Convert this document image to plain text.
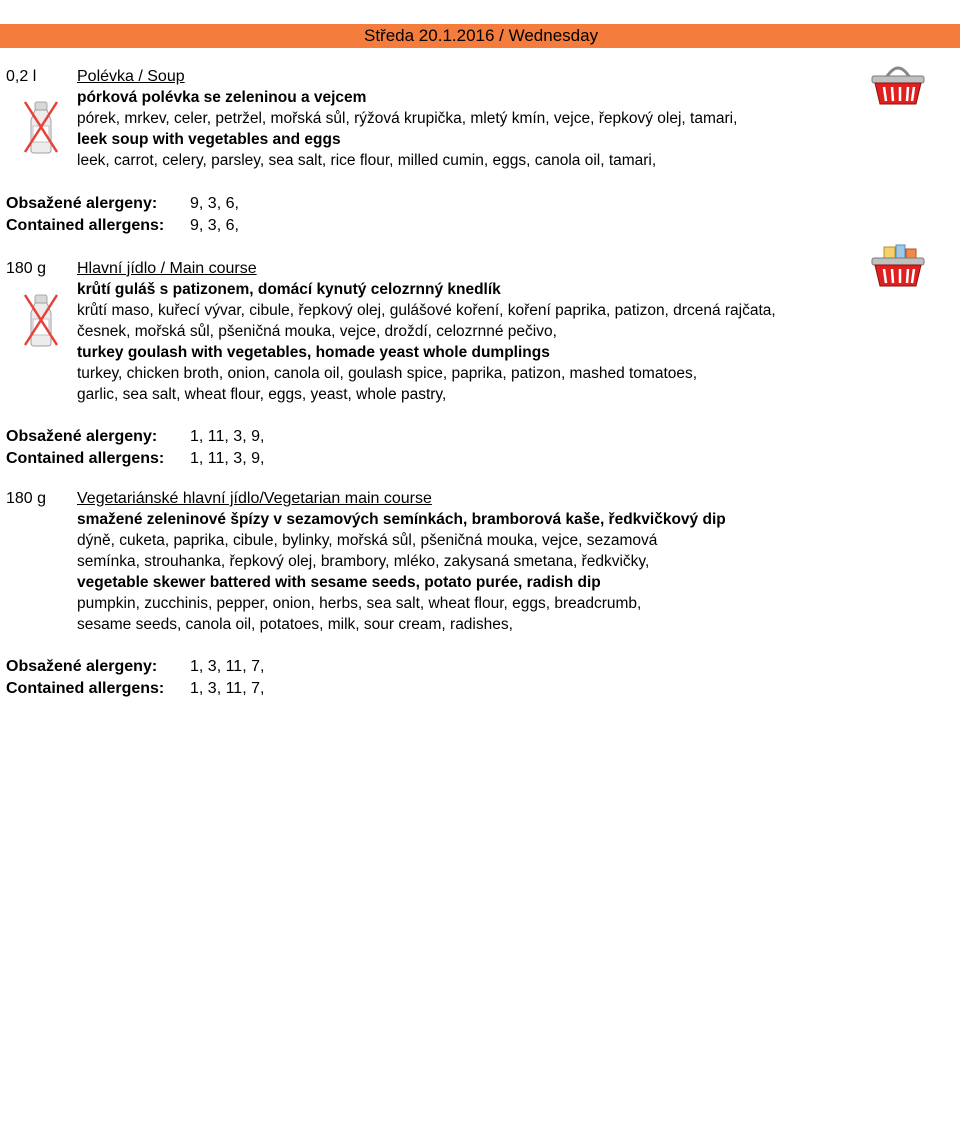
Středa 20.1.2016 / Wednesday
0,2 l	Polévka / Soup
pórková polévka se zeleninou a vejcem
pórek, mrkev, celer, petržel, mořská sůl, rýžová krupička, mletý kmín, vejce, řepkový olej, tamari,
leek soup with vegetables and eggs
leek, carrot, celery, parsley, sea salt, rice flour, milled cumin, eggs, canola oil, tamari,
Obsažené alergeny: 9, 3, 6,
Contained allergens: 9, 3, 6,
180 g Hlavní jídlo / Main course
krůtí guláš s patizonem, domácí kynutý celozrnný knedlík
krůtí maso, kuřecí vývar, cibule, řepkový olej, gulášové koření, koření paprika, patizon, drcená rajčata,
česnek, mořská sůl, pšeničná mouka, vejce, droždí, celozrnné pečivo,
turkey goulash with vegetables, homade yeast whole dumplings
turkey, chicken broth, onion, canola oil, goulash spice, paprika, patizon, mashed tomatoes,
garlic, sea salt, wheat flour, eggs, yeast, whole pastry,
Obsažené alergeny: 1, 11, 3, 9,
Contained allergens: 1, 11, 3, 9,
180 g Vegetariánské hlavní jídlo/Vegetarian main course
smažené zeleninové špízy v sezamových semínkách, bramborová kaše, ředkvičkový dip
dýně, cuketa, paprika, cibule, bylinky, mořská sůl, pšeničná mouka, vejce, sezamová
semínka, strouhanka, řepkový olej, brambory, mléko, zakysaná smetana, ředkvičky,
vegetable skewer battered with sesame seeds, potato purée, radish dip
pumpkin, zucchinis, pepper, onion, herbs, sea salt, wheat flour, eggs, breadcrumb,
sesame seeds, canola oil, potatoes, milk, sour cream, radishes,
Obsažené alergeny: 1, 3, 11, 7,
Contained allergens: 1, 3, 11, 7,
